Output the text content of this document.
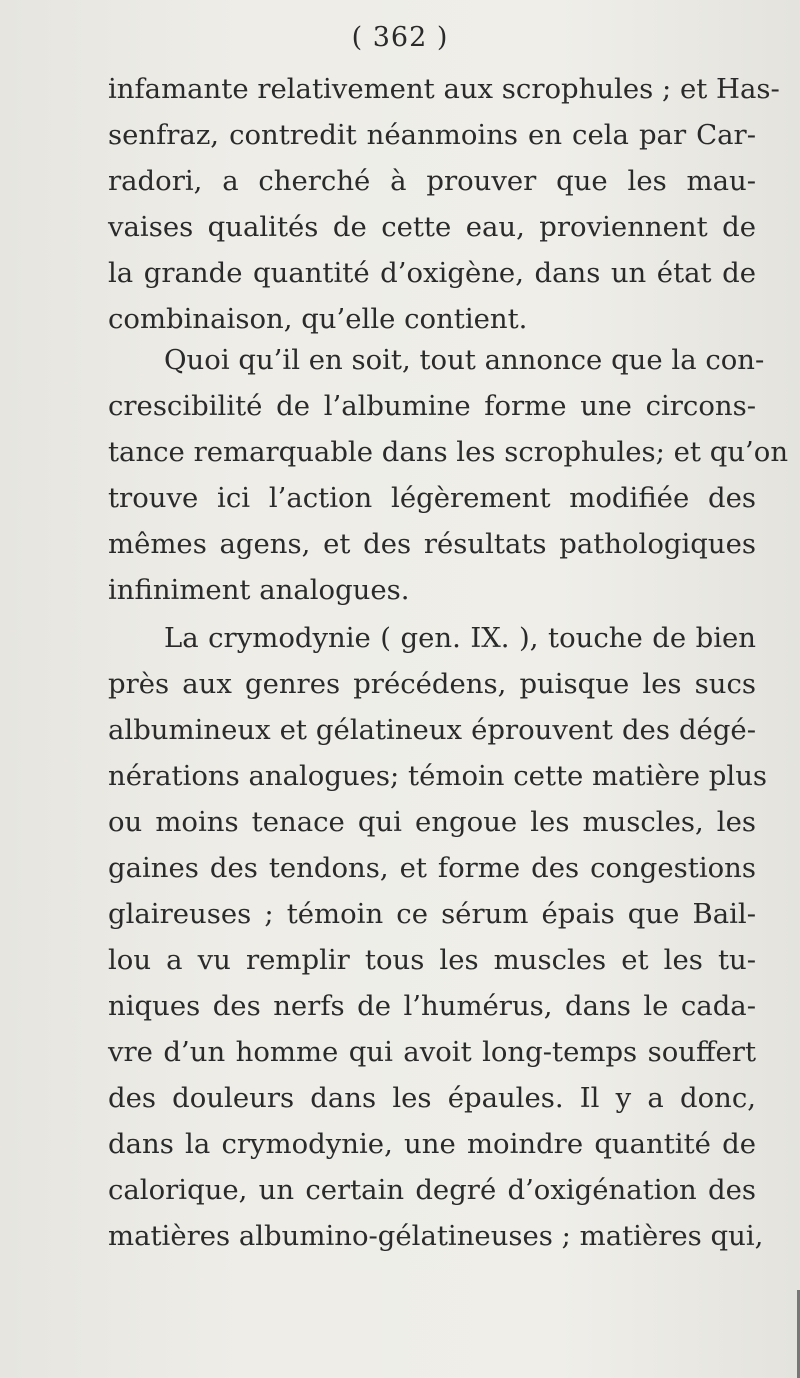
( 362 )
infamante relativement aux scrophules ; et Has-
senfraz, contredit néanmoins en cela par Car-
radori, a cherché à prouver que les mau-
vaises qualités de cette eau, proviennent de
la grande quantité d’oxigène, dans un état de
combinaison, qu’elle contient.
Quoi qu’il en soit, tout annonce que la con-
crescibilité de l’albumine forme une circons-
tance remarquable dans les scrophules; et qu’on
trouve ici l’action légèrement modifiée des
mêmes agens, et des résultats pathologiques
infiniment analogues.
La crymodynie ( gen. IX. ), touche de bien
près aux genres précédens, puisque les sucs
albumineux et gélatineux éprouvent des dégé-
nérations analogues; témoin cette matière plus
ou moins tenace qui engoue les muscles, les
gaines des tendons, et forme des congestions
glaireuses ; témoin ce sérum épais que Bail-
lou a vu remplir tous les muscles et les tu-
niques des nerfs de l’humérus, dans le cada-
vre d’un homme qui avoit long-temps souffert
des douleurs dans les épaules. Il y a donc,
dans la crymodynie, une moindre quantité de
calorique, un certain degré d’oxigénation des
matières albumino-gélatineuses ; matières qui,
